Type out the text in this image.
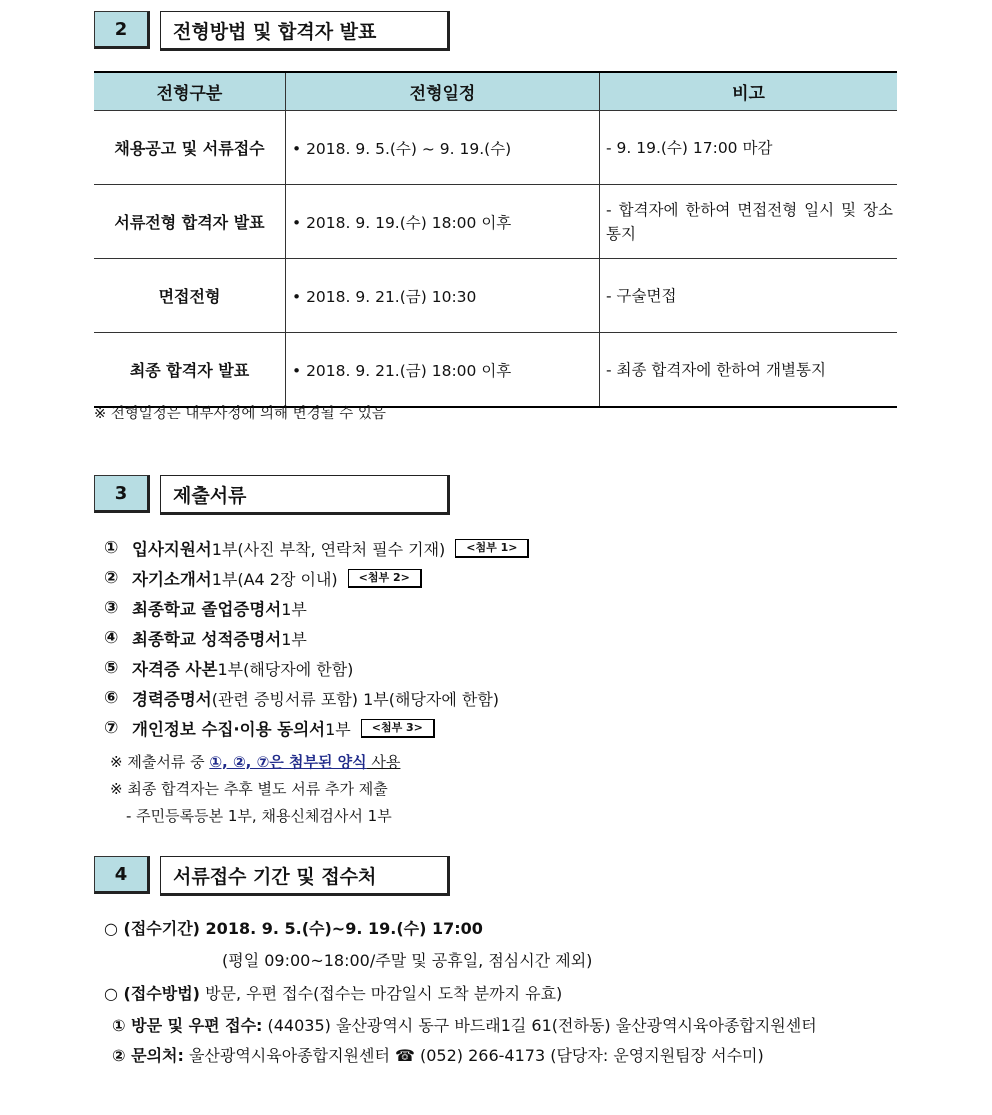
2	전형방법 및 합격자 발표
전형구분	전형일정	비고
채용공고 및 서류접수	• 2018. 9. 5.(수) ~ 9. 19.(수)	- 9. 19.(수) 17:00 마감
서류전형 합격자 발표	• 2018. 9. 19.(수) 18:00 이후	- 합격자에 한하여 면접전형 일시 및 장소 통지
면접전형	• 2018. 9. 21.(금) 10:30	- 구술면접
최종 합격자 발표	• 2018. 9. 21.(금) 18:00 이후	- 최종 합격자에 한하여 개별통지
※ 전형일정은 내부사정에 의해 변경될 수 있음
3	제출서류
① 입사지원서 1부(사진 부착, 연락처 필수 기재)	<첨부 1>
② 자기소개서 1부(A4 2장 이내)	<첨부 2>
③ 최종학교 졸업증명서 1부
④ 최종학교 성적증명서 1부
⑤ 자격증 사본 1부(해당자에 한함)
⑥ 경력증명서 (관련 증빙서류 포함) 1부(해당자에 한함)
⑦ 개인정보 수집·이용 동의서 1부	<첨부 3>
※ 제출서류 중 ①, ②, ⑦은 첨부된 양식 사용
※ 최종 합격자는 추후 별도 서류 추가 제출
- 주민등록등본 1부, 채용신체검사서 1부
4	서류접수 기간 및 접수처
○ (접수기간) 2018. 9. 5.(수)~9. 19.(수) 17:00
(평일 09:00~18:00/주말 및 공휴일, 점심시간 제외)
○ (접수방법) 방문, 우편 접수(접수는 마감일시 도착 분까지 유효)
① 방문 및 우편 접수: (44035) 울산광역시 동구 바드래1길 61(전하동) 울산광역시육아종합지원센터
② 문의처: 울산광역시육아종합지원센터 ☎ (052) 266-4173 (담당자: 운영지원팀장 서수미)
